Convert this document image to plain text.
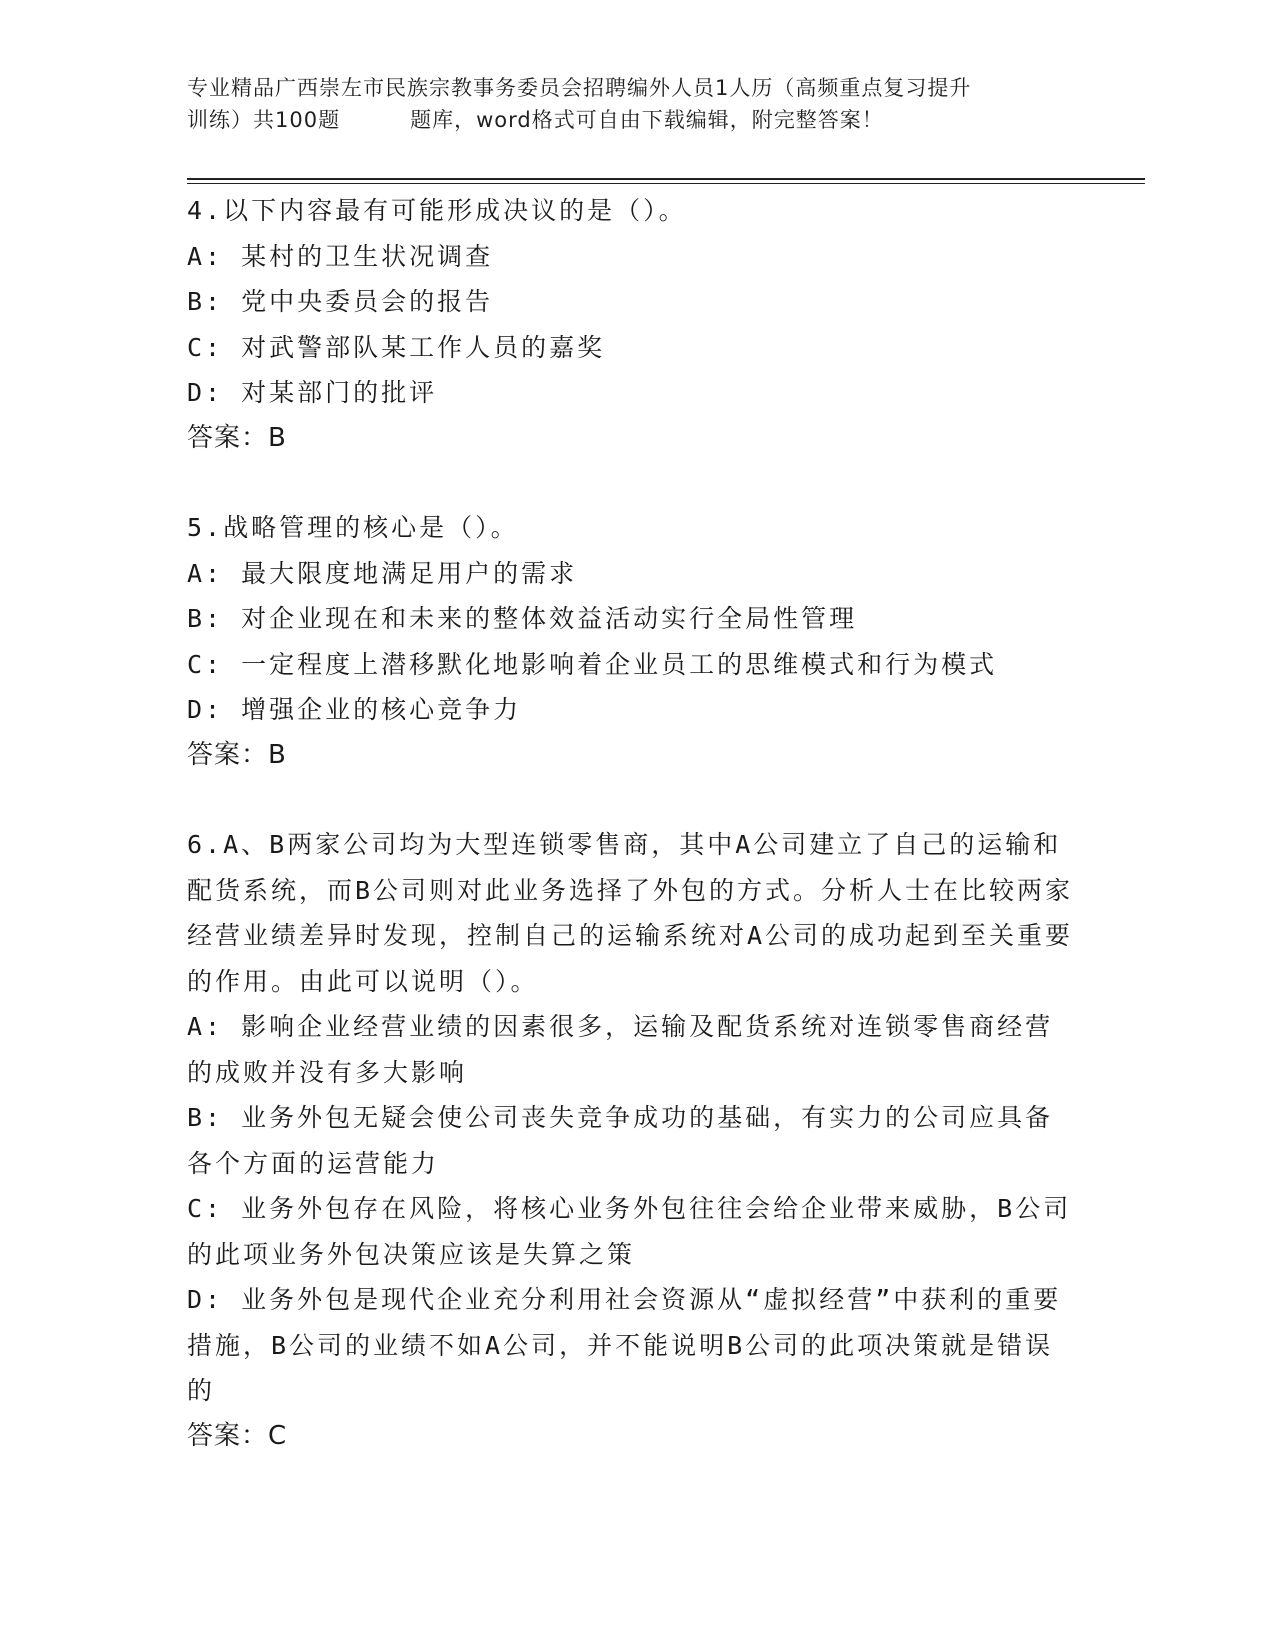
专业精品广西崇左市民族宗教事务委员会招聘编外人员1人历（高频重点复习提升
训练）共100题	题库，word格式可自由下载编辑，附完整答案！

4.以下内容最有可能形成决议的是（）。

A: 某村的卫生状况调查

B: 党中央委员会的报告

C: 对武警部队某工作人员的嘉奖

D: 对某部门的批评

答案：B

5.战略管理的核心是（）。

A: 最大限度地满足用户的需求

B: 对企业现在和未来的整体效益活动实行全局性管理

C: 一定程度上潜移默化地影响着企业员工的思维模式和行为模式

D: 增强企业的核心竞争力

答案：B

6.A、B两家公司均为大型连锁零售商，其中A公司建立了自己的运输和配货系统，而B公司则对此业务选择了外包的方式。分析人士在比较两家经营业绩差异时发现，控制自己的运输系统对A公司的成功起到至关重要的作用。由此可以说明（）。

A: 影响企业经营业绩的因素很多，运输及配货系统对连锁零售商经营的成败并没有多大影响

B: 业务外包无疑会使公司丧失竞争成功的基础，有实力的公司应具备各个方面的运营能力

C: 业务外包存在风险，将核心业务外包往往会给企业带来威胁，B公司的此项业务外包决策应该是失算之策

D: 业务外包是现代企业充分利用社会资源从“虚拟经营”中获利的重要措施，B公司的业绩不如A公司，并不能说明B公司的此项决策就是错误的

答案：C
